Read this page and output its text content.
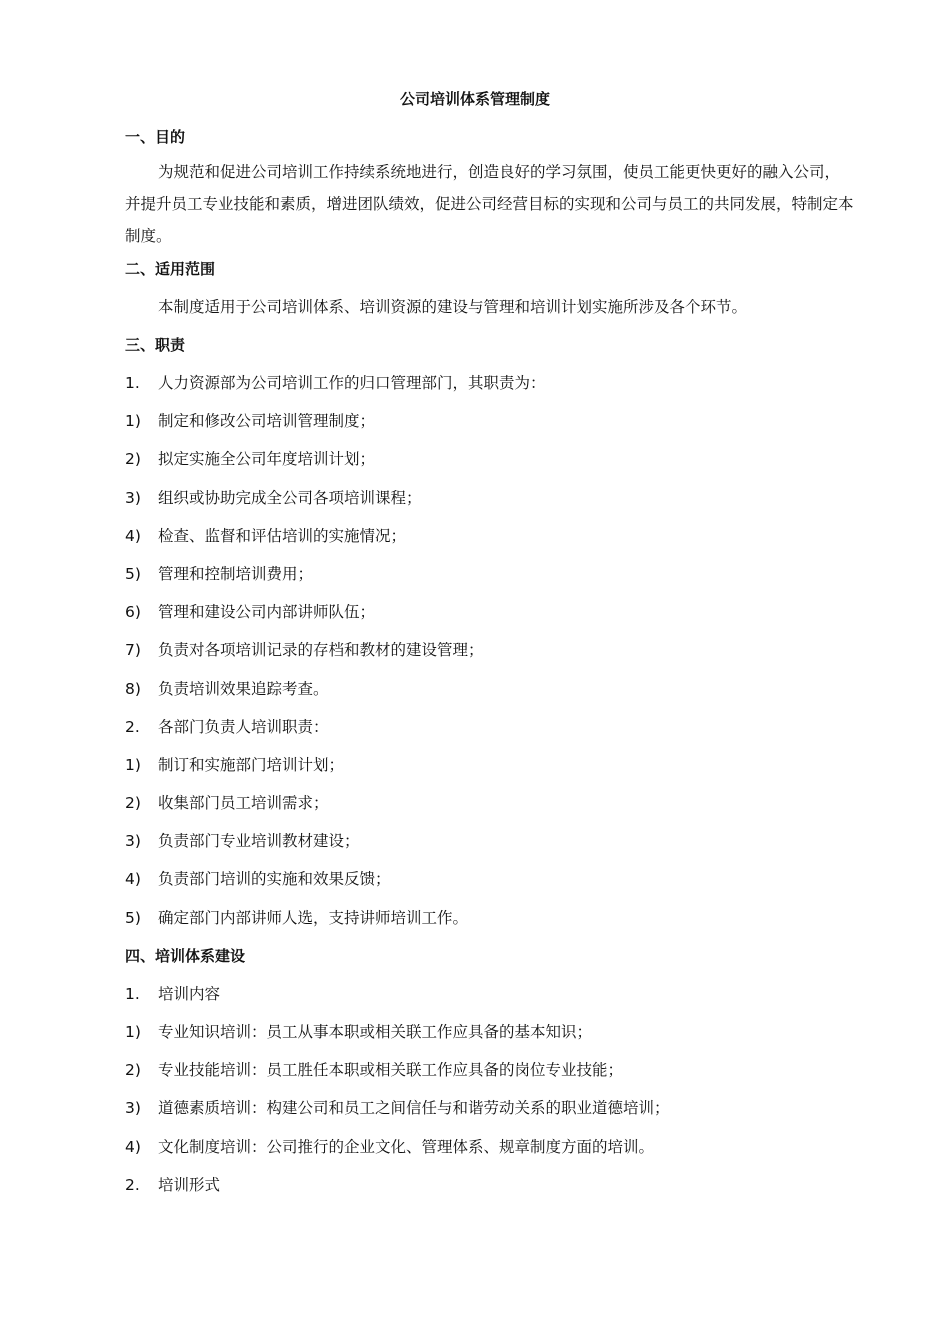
公司培训体系管理制度
一、目的
为规范和促进公司培训工作持续系统地进行，创造良好的学习氛围，使员工能更快更好的融入公司，并提升员工专业技能和素质，增进团队绩效，促进公司经营目标的实现和公司与员工的共同发展，特制定本制度。
二、适用范围
本制度适用于公司培训体系、培训资源的建设与管理和培训计划实施所涉及各个环节。
三、职责
1.	人力资源部为公司培训工作的归口管理部门，其职责为：
1)	制定和修改公司培训管理制度；
2)	拟定实施全公司年度培训计划；
3)	组织或协助完成全公司各项培训课程；
4)	检查、监督和评估培训的实施情况；
5)	管理和控制培训费用；
6)	管理和建设公司内部讲师队伍；
7)	负责对各项培训记录的存档和教材的建设管理；
8)	负责培训效果追踪考查。
2.	各部门负责人培训职责：
1)	制订和实施部门培训计划；
2)	收集部门员工培训需求；
3)	负责部门专业培训教材建设；
4)	负责部门培训的实施和效果反馈；
5)	确定部门内部讲师人选，支持讲师培训工作。
四、培训体系建设
1.	培训内容
1)	专业知识培训：员工从事本职或相关联工作应具备的基本知识；
2)	专业技能培训：员工胜任本职或相关联工作应具备的岗位专业技能；
3)	道德素质培训：构建公司和员工之间信任与和谐劳动关系的职业道德培训；
4)	文化制度培训：公司推行的企业文化、管理体系、规章制度方面的培训。
2.	培训形式
